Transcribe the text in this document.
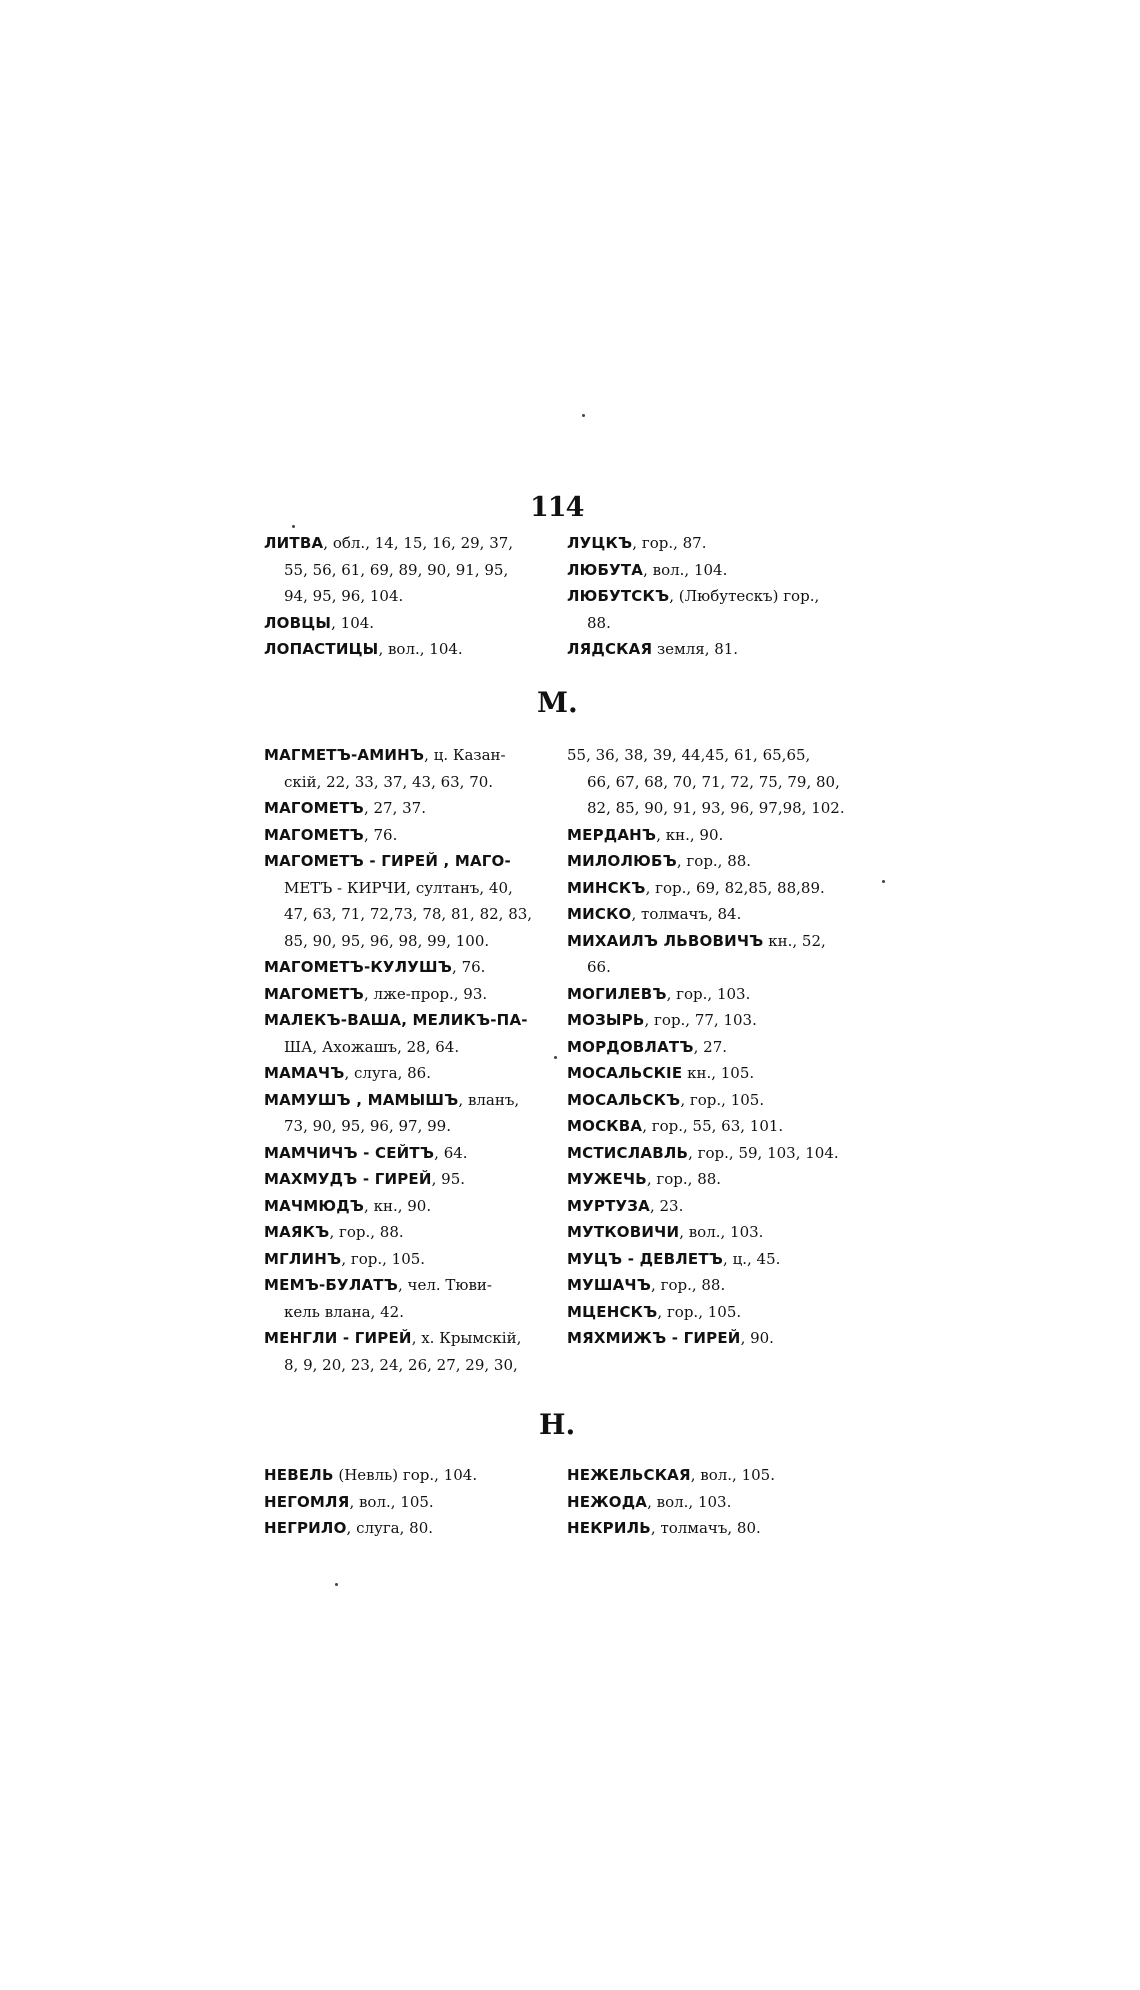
114
ЛИТВА, обл., 14, 15, 16, 29, 37,
55, 56, 61, 69, 89, 90, 91, 95,
94, 95, 96, 104.
ЛОВЦЫ, 104.
ЛОПАСТИЦЫ, вол., 104.
ЛУЦКЪ, гор., 87.
ЛЮБУТА, вол., 104.
ЛЮБУТСКЪ, (Любутескъ) гор.,
88.
ЛЯДСКАЯ земля, 81.
М.
МАГМЕТЪ-АМИНЪ, ц. Казан-
скій, 22, 33, 37, 43, 63, 70.
МАГОМЕТЪ, 27, 37.
МАГОМЕТЪ, 76.
МАГОМЕТЪ - ГИРЕЙ , МАГО-
МЕТЪ - КИРЧИ, султанъ, 40,
47, 63, 71, 72,73, 78, 81, 82, 83,
85, 90, 95, 96, 98, 99, 100.
МАГОМЕТЪ-КУЛУШЪ, 76.
МАГОМЕТЪ, лже-прор., 93.
МАЛЕКЪ-ВАША, МЕЛИКЪ-ПА-
ША, Ахожашъ, 28, 64.
МАМАЧЪ, слуга, 86.
МАМУШЪ , МАМЫШЪ, вланъ,
73, 90, 95, 96, 97, 99.
МАМЧИЧЪ - СЕЙТЪ, 64.
МАХМУДЪ - ГИРЕЙ, 95.
МАЧМЮДЪ, кн., 90.
МАЯКЪ, гор., 88.
МГЛИНЪ, гор., 105.
МЕМЪ-БУЛАТЪ, чел. Тюви-
кель влана, 42.
МЕНГЛИ - ГИРЕЙ, х. Крымскій,
8, 9, 20, 23, 24, 26, 27, 29, 30,
55, 36, 38, 39, 44,45, 61, 65,65,
66, 67, 68, 70, 71, 72, 75, 79, 80,
82, 85, 90, 91, 93, 96, 97,98, 102.
МЕРДАНЪ, кн., 90.
МИЛОЛЮБЪ, гор., 88.
МИНСКЪ, гор., 69, 82,85, 88,89.
МИСКО, толмачъ, 84.
МИХАИЛЪ ЛЬВОВИЧЪ кн., 52,
66.
МОГИЛЕВЪ, гор., 103.
МОЗЫРЬ, гор., 77, 103.
МОРДОВЛАТЪ, 27.
МОСАЛЬСКІЕ кн., 105.
МОСАЛЬСКЪ, гор., 105.
МОСКВА, гор., 55, 63, 101.
МСТИСЛАВЛЬ, гор., 59, 103, 104.
МУЖЕЧЬ, гор., 88.
МУРТУЗА, 23.
МУТКОВИЧИ, вол., 103.
МУЦЪ - ДЕВЛЕТЪ, ц., 45.
МУШАЧЪ, гор., 88.
МЦЕНСКЪ, гор., 105.
МЯХМИЖЪ - ГИРЕЙ, 90.
Н.
НЕВЕЛЬ (Невль) гор., 104.
НЕГОМЛЯ, вол., 105.
НЕГРИЛО, слуга, 80.
НЕЖЕЛЬСКАЯ, вол., 105.
НЕЖОДА, вол., 103.
НЕКРИЛЬ, толмачъ, 80.
